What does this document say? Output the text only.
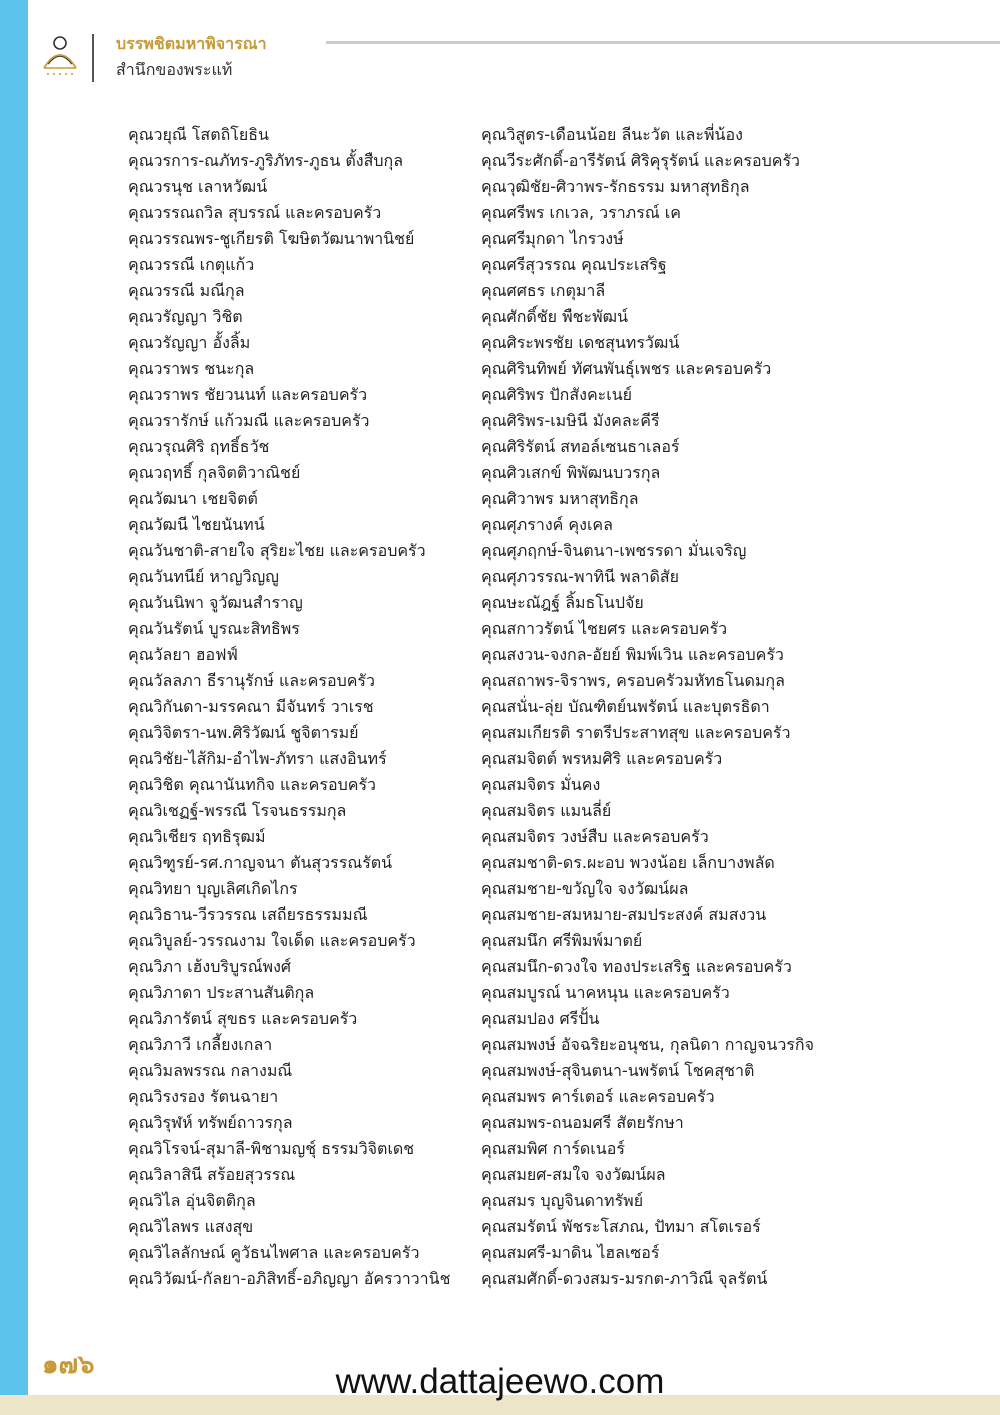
บรรพชิตมหาพิจารณา
สำนึกของพระแท้
คุณวยุณี โสตถิโยธิน
คุณวรการ-ณภัทร-ภูริภัทร-ภูธน ตั้งสืบกุล
คุณวรนุช เลาหวัฒน์
คุณวรรณถวิล สุบรรณ์ และครอบครัว
คุณวรรณพร-ชูเกียรติ โฆษิตวัฒนาพานิชย์
คุณวรรณี เกตุแก้ว
คุณวรรณี มณีกุล
คุณวรัญญา วิชิต
คุณวรัญญา อั้งลิ้ม
คุณวราพร ชนะกุล
คุณวราพร ชัยวนนท์ และครอบครัว
คุณวรารักษ์ แก้วมณี และครอบครัว
คุณวรุณศิริ ฤทธิ์ธวัช
คุณวฤทธิ์ กุลจิตติวาณิชย์
คุณวัฒนา เชยจิตต์
คุณวัฒนี ไชยนันทน์
คุณวันชาติ-สายใจ สุริยะไชย และครอบครัว
คุณวันทนีย์ หาญวิญญู
คุณวันนิพา จูวัฒนสำราญ
คุณวันรัตน์ บูรณะสิทธิพร
คุณวัลยา ฮอฟฟ์
คุณวัลลภา ธีรานุรักษ์ และครอบครัว
คุณวิกันดา-มรรคณา มีจันทร์ วาเรช
คุณวิจิตรา-นพ.ศิริวัฒน์ ชูจิตารมย์
คุณวิชัย-ไส้กิม-อำไพ-ภัทรา แสงอินทร์
คุณวิชิต คุณานันทกิจ และครอบครัว
คุณวิเชฏฐ์-พรรณี โรจนธรรมกุล
คุณวิเชียร ฤทธิรุฒม์
คุณวิฑูรย์-รศ.กาญจนา ตันสุวรรณรัตน์
คุณวิทยา บุญเลิศเกิดไกร
คุณวิธาน-วีรวรรณ เสถียรธรรมมณี
คุณวิบูลย์-วรรณงาม ใจเด็ด และครอบครัว
คุณวิภา เฮ้งบริบูรณ์พงศ์
คุณวิภาดา ประสานสันติกุล
คุณวิภารัตน์ สุขธร และครอบครัว
คุณวิภาวี เกลี้ยงเกลา
คุณวิมลพรรณ กลางมณี
คุณวิรงรอง รัตนฉายา
คุณวิรุฬห์ ทรัพย์ถาวรกุล
คุณวิโรจน์-สุมาลี-พิชามญชุ์ ธรรมวิจิตเดช
คุณวิลาสินี สร้อยสุวรรณ
คุณวิไล อุ่นจิตติกุล
คุณวิไลพร แสงสุข
คุณวิไลลักษณ์ คูวัธนไพศาล และครอบครัว
คุณวิวัฒน์-กัลยา-อภิสิทธิ์-อภิญญา อัครวาวานิช
คุณวิสูตร-เดือนน้อย ลีนะวัต และพี่น้อง
คุณวีระศักดิ์-อารีรัตน์ ศิริคุรุรัตน์ และครอบครัว
คุณวุฒิชัย-ศิวาพร-รักธรรม มหาสุทธิกุล
คุณศรีพร เกเวล, วราภรณ์ เค
คุณศรีมุกดา ไกรวงษ์
คุณศรีสุวรรณ คุณประเสริฐ
คุณศศธร เกตุมาลี
คุณศักดิ์ชัย พืชะพัฒน์
คุณศิระพรชัย เดชสุนทรวัฒน์
คุณศิรินทิพย์ ทัศนพันธุ์เพชร และครอบครัว
คุณศิริพร ปักสังคะเนย์
คุณศิริพร-เมษินี มังคละคีรี
คุณศิริรัตน์ สทอล์เซนธาเลอร์
คุณศิวเสกข์ พิพัฒนบวรกุล
คุณศิวาพร มหาสุทธิกุล
คุณศุภรางค์ คุงเคล
คุณศุภฤกษ์-จินตนา-เพชรรดา มั่นเจริญ
คุณศุภวรรณ-พาทินี พลาดิสัย
คุณษะณัฎฐ์ ลิ้มธโนปจัย
คุณสกาวรัตน์ ไชยศร และครอบครัว
คุณสงวน-จงกล-อัยย์ พิมพ์เวิน และครอบครัว
คุณสถาพร-จิราพร, ครอบครัวมหัทธโนดมกุล
คุณสนั่น-ลุ่ย บัณฑิตย์นพรัตน์ และบุตรธิดา
คุณสมเกียรติ ราตรีประสาทสุข และครอบครัว
คุณสมจิตต์ พรหมศิริ และครอบครัว
คุณสมจิตร มั่นคง
คุณสมจิตร แมนลี่ย์
คุณสมจิตร วงษ์สืบ และครอบครัว
คุณสมชาติ-ดร.ผะอบ พวงน้อย เล็กบางพลัด
คุณสมชาย-ขวัญใจ จงวัฒน์ผล
คุณสมชาย-สมหมาย-สมประสงค์ สมสงวน
คุณสมนึก ศรีพิมพ์มาตย์
คุณสมนึก-ดวงใจ ทองประเสริฐ และครอบครัว
คุณสมบูรณ์ นาคหนุน และครอบครัว
คุณสมปอง ศรีปั้น
คุณสมพงษ์ อัจฉริยะอนุชน, กุลนิดา กาญจนวรกิจ
คุณสมพงษ์-สุจินตนา-นพรัตน์ โชคสุชาติ
คุณสมพร คาร์เตอร์ และครอบครัว
คุณสมพร-ถนอมศรี สัตยรักษา
คุณสมพิศ การ์ดเนอร์
คุณสมยศ-สมใจ จงวัฒน์ผล
คุณสมร บุญจินดาทรัพย์
คุณสมรัตน์ พัชระโสภณ, ปัทมา สโตเรอร์
คุณสมศรี-มาดิน ไฮลเซอร์
คุณสมศักดิ์-ดวงสมร-มรกต-ภาวิณี จุลรัตน์
๑๗๖	www.dattajeewo.com
